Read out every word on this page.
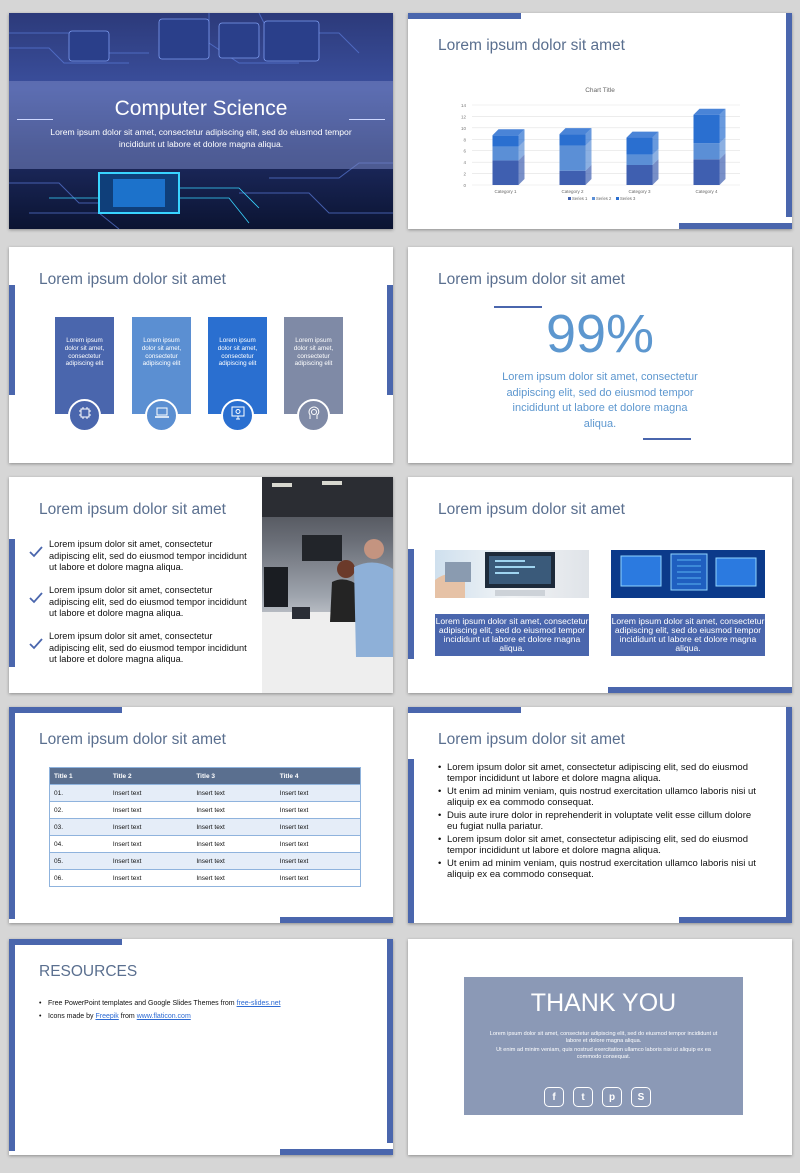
Computer Science
Lorem ipsum dolor sit amet, consectetur adipiscing elit, sed do eiusmod tempor incididunt ut labore et dolore magna aliqua.
Lorem ipsum dolor sit amet
Chart Title
0
2
4
6
8
10
12
14
Category 1	Category 2	Category 3	Category 4
Series 1 Series 2 Series 3
Lorem ipsum dolor sit amet
Lorem ipsum dolor sit amet, consectetur adipiscing elit
Lorem ipsum dolor sit amet, consectetur adipiscing elit
Lorem ipsum dolor sit amet, consectetur adipiscing elit
Lorem ipsum dolor sit amet, consectetur adipiscing elit
Lorem ipsum dolor sit amet
99%
Lorem ipsum dolor sit amet, consectetur adipiscing elit, sed do eiusmod tempor incididunt ut labore et dolore magna aliqua.
Lorem ipsum dolor sit amet
Lorem ipsum dolor sit amet, consectetur adipiscing elit, sed do eiusmod tempor incididunt ut labore et dolore magna aliqua.
Lorem ipsum dolor sit amet, consectetur adipiscing elit, sed do eiusmod tempor incididunt ut labore et dolore magna aliqua.
Lorem ipsum dolor sit amet, consectetur adipiscing elit, sed do eiusmod tempor incididunt ut labore et dolore magna aliqua.
Lorem ipsum dolor sit amet
Lorem ipsum dolor sit amet, consectetur adipiscing elit, sed do eiusmod tempor incididunt ut labore et dolore magna aliqua.
Lorem ipsum dolor sit amet, consectetur adipiscing elit, sed do eiusmod tempor incididunt ut labore et dolore magna aliqua.
Lorem ipsum dolor sit amet
Title 1	Title 2	Title 3	Title 4
01.	Insert text	Insert text	Insert text
02.	Insert text	Insert text	Insert text
03.	Insert text	Insert text	Insert text
04.	Insert text	Insert text	Insert text
05.	Insert text	Insert text	Insert text
06.	Insert text	Insert text	Insert text
Lorem ipsum dolor sit amet
• Lorem ipsum dolor sit amet, consectetur adipiscing elit, sed do eiusmod tempor incididunt ut labore et dolore magna aliqua.
• Ut enim ad minim veniam, quis nostrud exercitation ullamco laboris nisi ut aliquip ex ea commodo consequat.
• Duis aute irure dolor in reprehenderit in voluptate velit esse cillum dolore eu fugiat nulla pariatur.
• Lorem ipsum dolor sit amet, consectetur adipiscing elit, sed do eiusmod tempor incididunt ut labore et dolore magna aliqua.
• Ut enim ad minim veniam, quis nostrud exercitation ullamco laboris nisi ut aliquip ex ea commodo consequat.
RESOURCES
• Free PowerPoint templates and Google Slides Themes from free-slides.net
• Icons made by Freepik from www.flaticon.com	THANK YOU
Lorem ipsum dolor sit amet, consectetur adipiscing elit, sed do eiusmod tempor incididunt ut labore et dolore magna aliqua.
Ut enim ad minim veniam, quis nostrud exercitation ullamco laboris nisi ut aliquip ex ea commodo consequat.
f	t	p	S
